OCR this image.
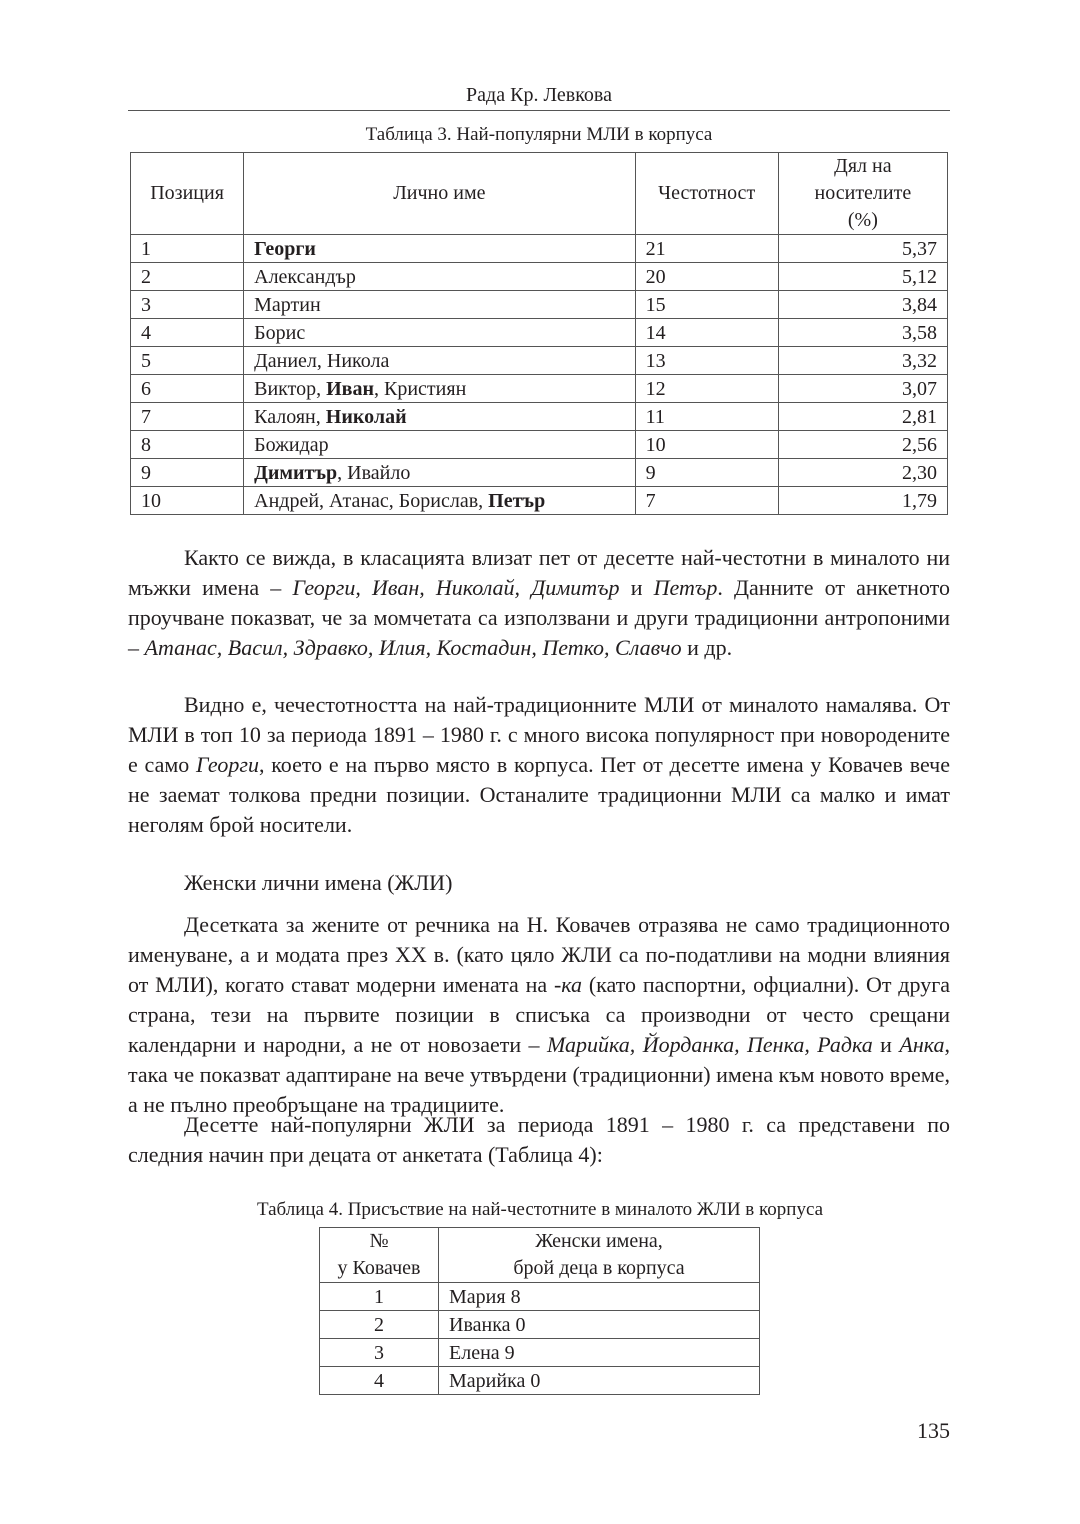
Рада Кр. Левкова
Таблица 3. Най-популярни МЛИ в корпуса
Позиция	Лично име	Честотност	Дял на
носителите
(%)
1	Георги	21	5,37
2	Александър	20	5,12
3	Мартин	15	3,84
4	Борис	14	3,58
5	Даниел, Никола	13	3,32
6	Виктор, Иван, Кристиян	12	3,07
7	Калоян, Николай	11	2,81
8	Божидар	10	2,56
9	Димитър, Ивайло	9	2,30
10	Андрей, Атанас, Борислав, Петър	7	1,79

Както се вижда, в класацията влизат пет от десетте най-честотни в миналото ни мъжки имена – Георги, Иван, Николай, Димитър и Петър. Данните от анкетното проучване показват, че за момчетата са използвани и други традиционни антропоними – Атанас, Васил, Здравко, Илия, Костадин, Петко, Славчо и др.

Видно е, чечестотността на най-традиционните МЛИ от миналото намалява. От МЛИ в топ 10 за периода 1891 – 1980 г. с много висока популярност при новородените е само Георги, което е на първо място в корпуса. Пет от десетте имена у Ковачев вече не заемат толкова предни позиции. Останалите традиционни МЛИ са малко и имат неголям брой носители.

Женски лични имена (ЖЛИ)

Десетката за жените от речника на Н. Ковачев отразява не само традиционното именуване, а и модата през XX в. (като цяло ЖЛИ са по-податливи на модни влияния от МЛИ), когато стават модерни имената на -ка (като паспортни, офциални). От друга страна, тези на първите позиции в списъка са производни от често срещани календарни и народни, а не от новозаети – Марийка, Йорданка, Пенка, Радка и Анка, така че показват адаптиране на вече утвърдени (традиционни) имена към новото време, а не пълно преобръщане на традициите.

Десетте най-популярни ЖЛИ за периода 1891 – 1980 г. са представени по следния начин при децата от анкетата (Таблица 4):

Таблица 4. Присъствие на най-честотните в миналото ЖЛИ в корпуса
№
у Ковачев	Женски имена,
брой деца в корпуса
1	Мария 8
2	Иванка 0
3	Елена 9
4	Марийка 0
135
